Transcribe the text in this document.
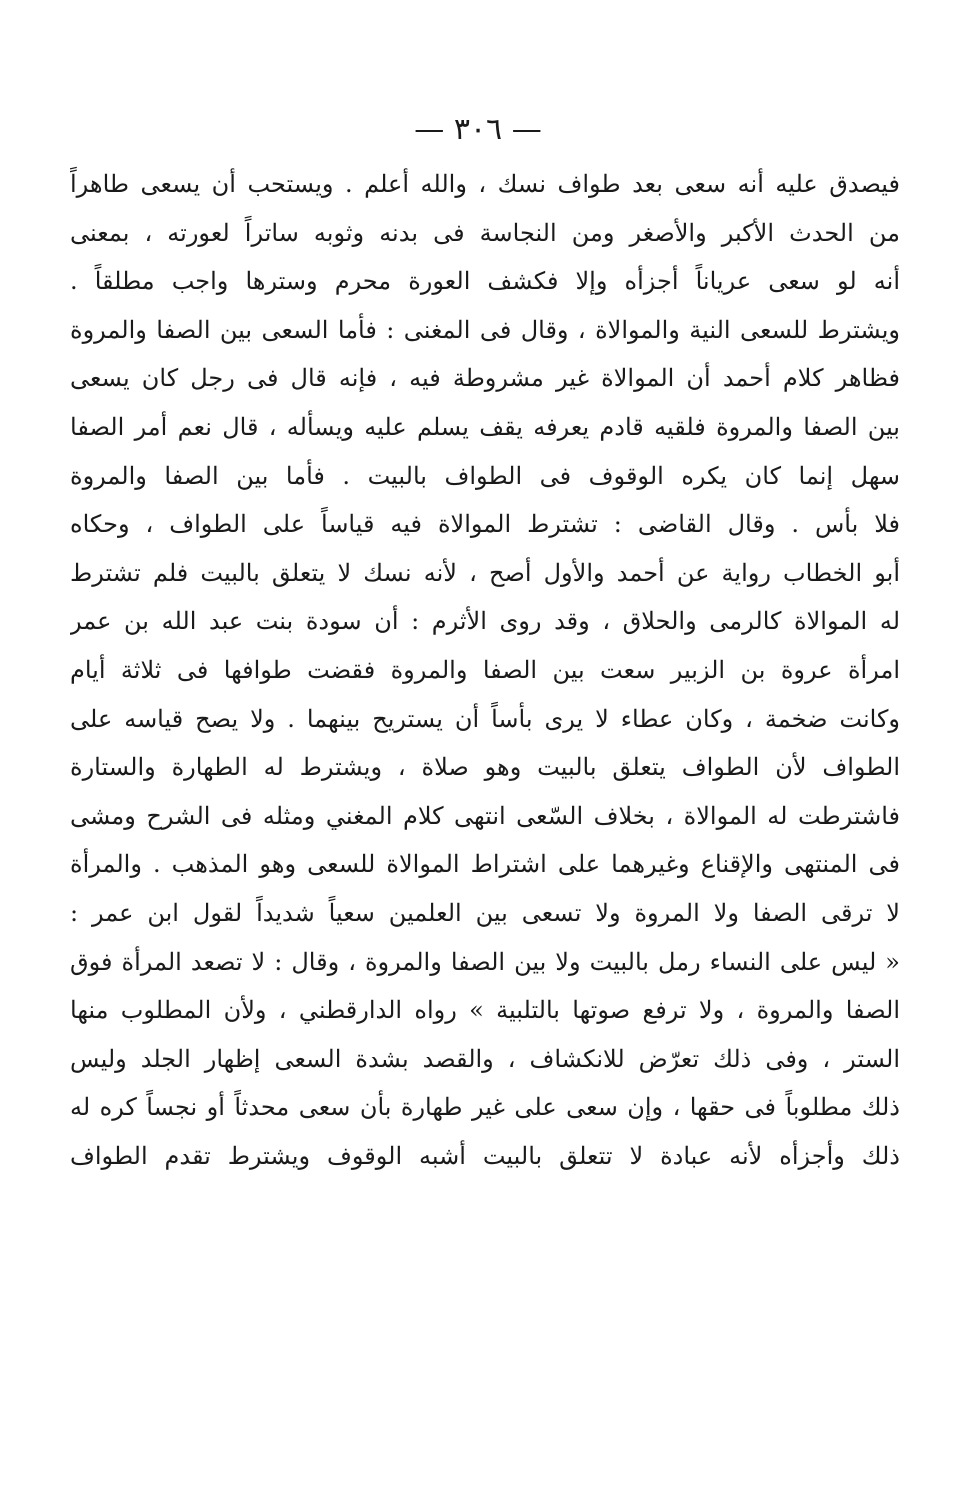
— ٣٠٦ —
فيصدق عليه أنه سعى بعد طواف نسك ، والله أعلم . ويستحب أن يسعى طاهراً
من الحدث الأكبر والأصغر ومن النجاسة فى بدنه وثوبه ساتراً لعورته ، بمعنى
أنه لو سعى عرياناً أجزأه وإلا فكشف العورة محرم وسترها واجب مطلقاً .
ويشترط للسعى النية والموالاة ، وقال فى المغنى : فأما السعى بين الصفا والمروة
فظاهر كلام أحمد أن الموالاة غير مشروطة فيه ، فإنه قال فى رجل كان يسعى
بين الصفا والمروة فلقيه قادم يعرفه يقف يسلم عليه ويسأله ، قال نعم أمر الصفا
سهل إنما كان يكره الوقوف فى الطواف بالبيت . فأما بين الصفا والمروة
فلا بأس . وقال القاضى : تشترط الموالاة فيه قياساً على الطواف ، وحكاه
أبو الخطاب رواية عن أحمد والأول أصح ، لأنه نسك لا يتعلق بالبيت فلم تشترط
له الموالاة كالرمى والحلاق ، وقد روى الأثرم : أن سودة بنت عبد الله بن عمر
امرأة عروة بن الزبير سعت بين الصفا والمروة فقضت طوافها فى ثلاثة أيام
وكانت ضخمة ، وكان عطاء لا يرى بأساً أن يستريح بينهما . ولا يصح قياسه على
الطواف لأن الطواف يتعلق بالبيت وهو صلاة ، ويشترط له الطهارة والستارة
فاشترطت له الموالاة ، بخلاف السّعى انتهى كلام المغني ومثله فى الشرح ومشى
فى المنتهى والإقناع وغيرهما على اشتراط الموالاة للسعى وهو المذهب . والمرأة
لا ترقى الصفا ولا المروة ولا تسعى بين العلمين سعياً شديداً لقول ابن عمر :
« ليس على النساء رمل بالبيت ولا بين الصفا والمروة ، وقال : لا تصعد المرأة فوق
الصفا والمروة ، ولا ترفع صوتها بالتلبية » رواه الدارقطني ، ولأن المطلوب منها
الستر ، وفى ذلك تعرّض للانكشاف ، والقصد بشدة السعى إظهار الجلد وليس
ذلك مطلوباً فى حقها ، وإن سعى على غير طهارة بأن سعى محدثاً أو نجساً كره له
ذلك وأجزأه لأنه عبادة لا تتعلق بالبيت أشبه الوقوف ويشترط تقدم الطواف
